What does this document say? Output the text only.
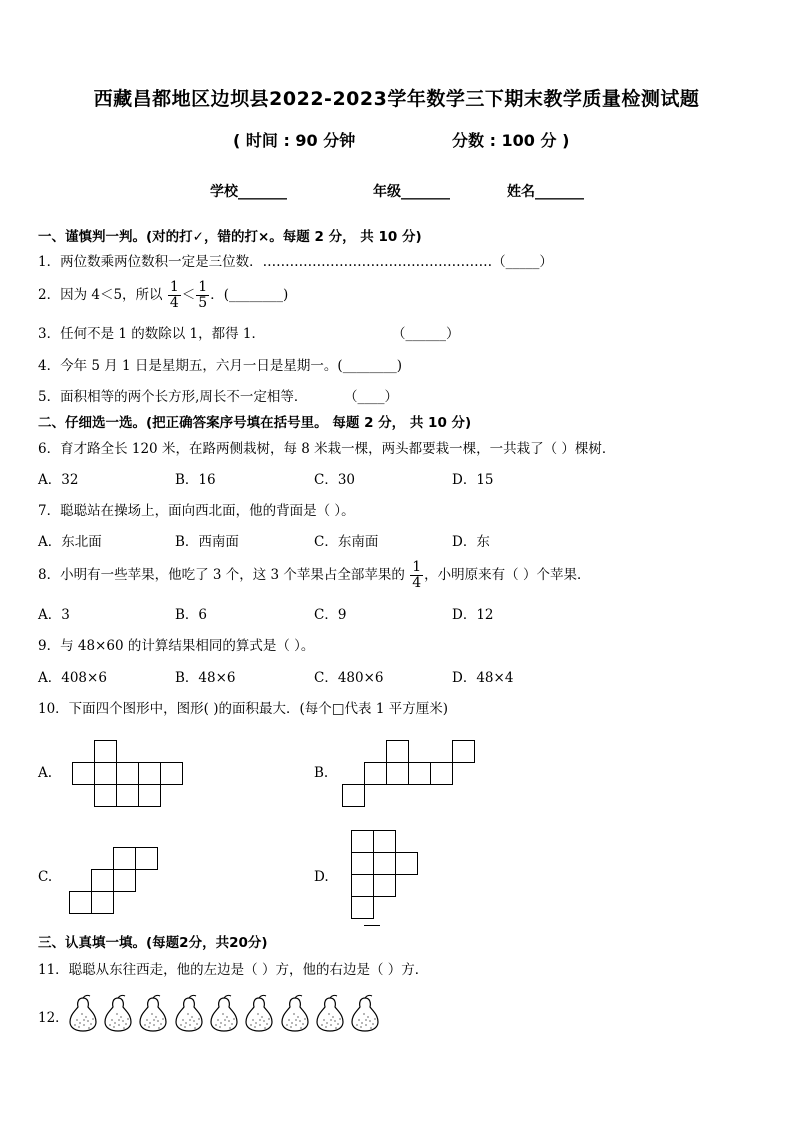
西藏昌都地区边坝县2022-2023学年数学三下期末教学质量检测试题
( 时间 : 90 分钟	分数 : 100 分 )
学校_______	年级_______	姓名_______
一、谨慎判一判。(对的打✓，错的打×。每题 2 分， 共 10 分)
1．两位数乘两位数积一定是三位数．……………………………………………（_____）
2．因为 4＜5，所以 $\frac{1}{4} < \frac{1}{5}$ ．(________)
3．任何不是 1 的数除以 1，都得 1．	（______）
4．今年 5 月 1 日是星期五，六月一日是星期一。(________)
5．面积相等的两个长方形,周长不一定相等．	（____）
二、仔细选一选。(把正确答案序号填在括号里。 每题 2 分， 共 10 分)
6．育才路全长 120 米，在路两侧栽树，每 8 米栽一棵，两头都要栽一棵，一共栽了（ ）棵树．
A．32	B．16	C．30	D．15
7．聪聪站在操场上，面向西北面，他的背面是（ ）。
A．东北面	B．西南面	C．东南面	D．东
8．小明有一些苹果，他吃了 3 个，这 3 个苹果占全部苹果的 $\frac{1}{4}$ ，小明原来有（ ）个苹果．
A．3	B．6	C．9	D．12
9．与 48×60 的计算结果相同的算式是（ ）。
A．408×6	B．48×6	C．480×6	D．48×4
10．下面四个图形中，图形( )的面积最大．(每个□代表 1 平方厘米)
A.	B.
C.	D.
三、认真填一填。(每题2分，共20分)
11．聪聪从东往西走，他的左边是（ ）方，他的右边是（ ）方．
12．
